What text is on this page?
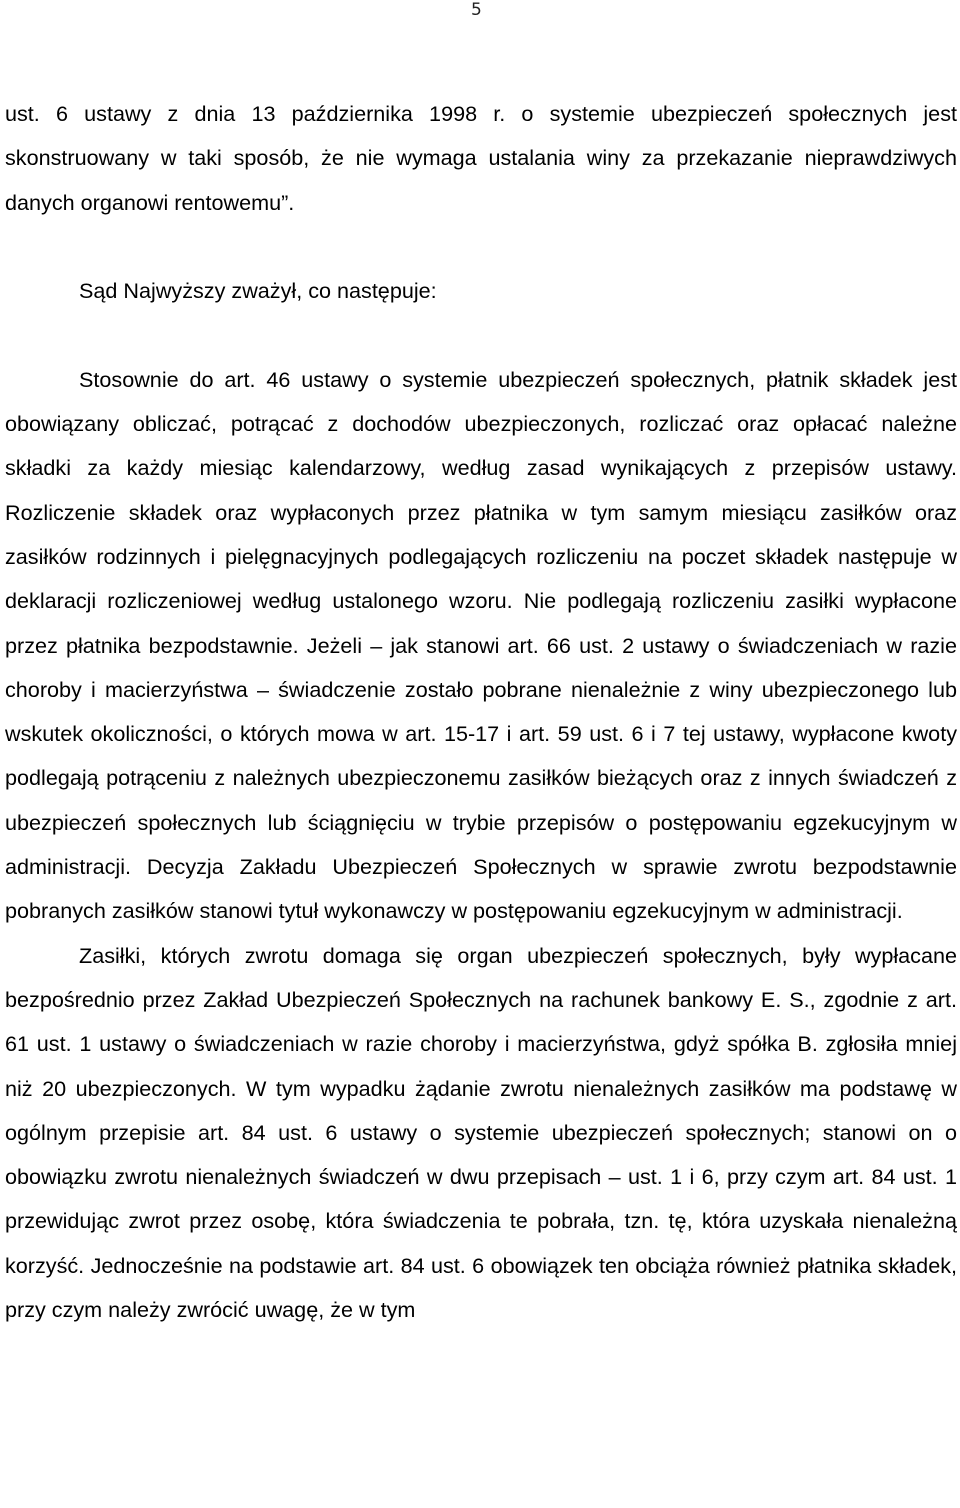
5

ust. 6 ustawy z dnia 13 października 1998 r. o systemie ubezpieczeń społecznych jest skonstruowany w taki sposób, że nie wymaga ustalania winy za przekazanie nieprawdziwych danych organowi rentowemu”.

Sąd Najwyższy zważył, co następuje:

Stosownie do art. 46 ustawy o systemie ubezpieczeń społecznych, płatnik składek jest obowiązany obliczać, potrącać z dochodów ubezpieczonych, rozliczać oraz opłacać należne składki za każdy miesiąc kalendarzowy, według zasad wynikających z przepisów ustawy. Rozliczenie składek oraz wypłaconych przez płatnika w tym samym miesiącu zasiłków oraz zasiłków rodzinnych i pielęgnacyjnych podlegających rozliczeniu na poczet składek następuje w deklaracji rozliczeniowej według ustalonego wzoru. Nie podlegają rozliczeniu zasiłki wypłacone przez płatnika bezpodstawnie. Jeżeli – jak stanowi art. 66 ust. 2 ustawy o świadczeniach w razie choroby i macierzyństwa – świadczenie zostało pobrane nienależnie z winy ubezpieczonego lub wskutek okoliczności, o których mowa w art. 15-17 i art. 59 ust. 6 i 7 tej ustawy, wypłacone kwoty podlegają potrąceniu z należnych ubezpieczonemu zasiłków bieżących oraz z innych świadczeń z ubezpieczeń społecznych lub ściągnięciu w trybie przepisów o postępowaniu egzekucyjnym w administracji. Decyzja Zakładu Ubezpieczeń Społecznych w sprawie zwrotu bezpodstawnie pobranych zasiłków stanowi tytuł wykonawczy w postępowaniu egzekucyjnym w administracji.

Zasiłki, których zwrotu domaga się organ ubezpieczeń społecznych, były wypłacane bezpośrednio przez Zakład Ubezpieczeń Społecznych na rachunek bankowy E. S., zgodnie z art. 61 ust. 1 ustawy o świadczeniach w razie choroby i macierzyństwa, gdyż spółka B. zgłosiła mniej niż 20 ubezpieczonych. W tym wypadku żądanie zwrotu nienależnych zasiłków ma podstawę w ogólnym przepisie art. 84 ust. 6 ustawy o systemie ubezpieczeń społecznych; stanowi on o obowiązku zwrotu nienależnych świadczeń w dwu przepisach – ust. 1 i 6, przy czym art. 84 ust. 1 przewidując zwrot przez osobę, która świadczenia te pobrała, tzn. tę, która uzyskała nienależną korzyść. Jednocześnie na podstawie art. 84 ust. 6 obowiązek ten obciąża również płatnika składek, przy czym należy zwrócić uwagę, że w tym
